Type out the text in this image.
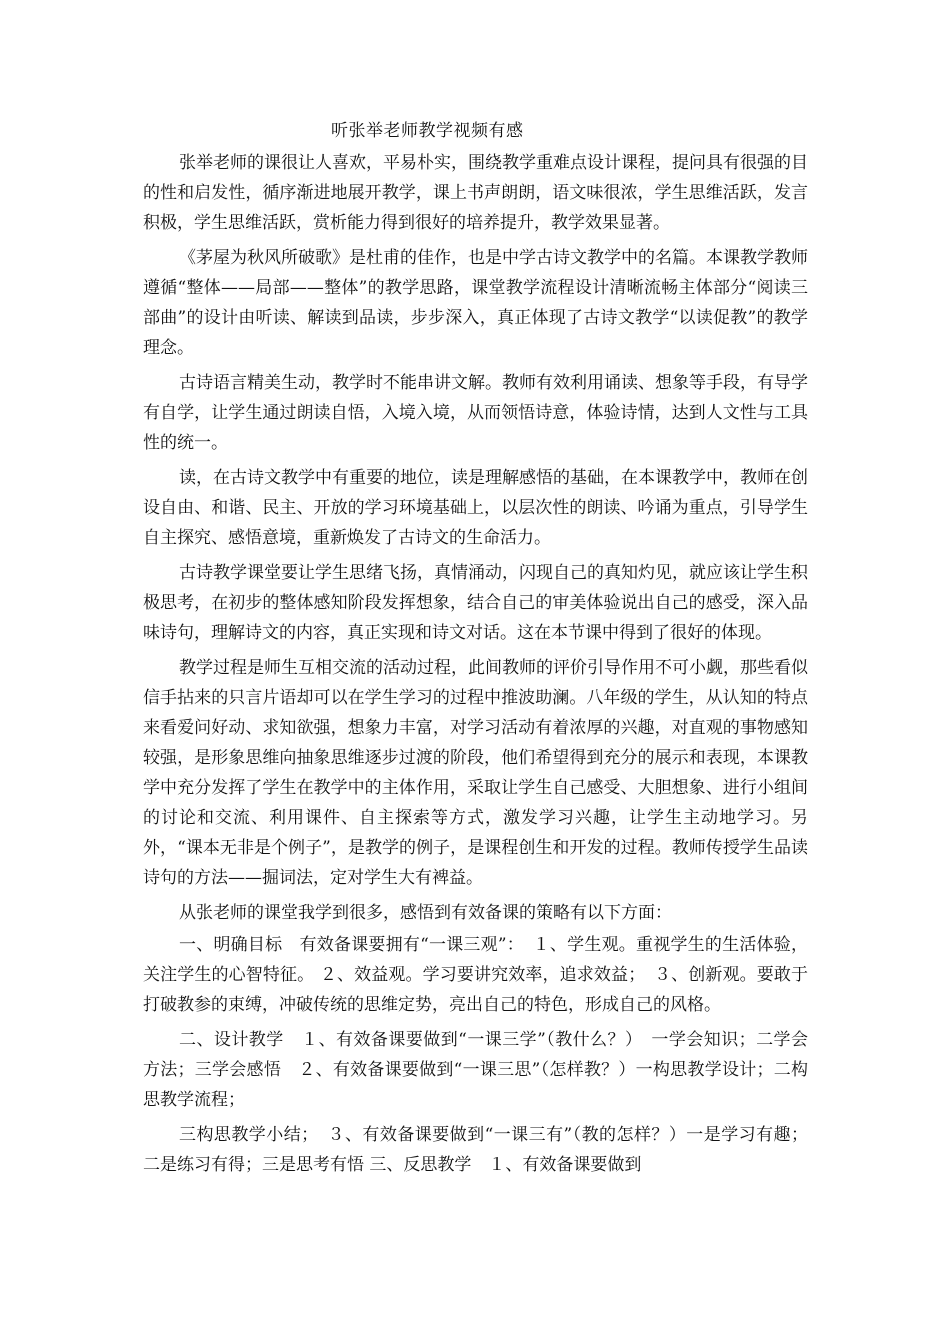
听张举老师教学视频有感

张举老师的课很让人喜欢，平易朴实，围绕教学重难点设计课程，提问具有很强的目的性和启发性，循序渐进地展开教学，课上书声朗朗，语文味很浓，学生思维活跃，发言积极，学生思维活跃，赏析能力得到很好的培养提升，教学效果显著。

《茅屋为秋风所破歌》是杜甫的佳作，也是中学古诗文教学中的名篇。本课教学教师遵循“整体——局部——整体”的教学思路，课堂教学流程设计清晰流畅主体部分“阅读三部曲”的设计由听读、解读到品读，步步深入，真正体现了古诗文教学“以读促教”的教学理念。

古诗语言精美生动，教学时不能串讲文解。教师有效利用诵读、想象等手段，有导学有自学，让学生通过朗读自悟，入境入境，从而领悟诗意，体验诗情，达到人文性与工具性的统一。

读，在古诗文教学中有重要的地位，读是理解感悟的基础，在本课教学中，教师在创设自由、和谐、民主、开放的学习环境基础上，以层次性的朗读、吟诵为重点，引导学生自主探究、感悟意境，重新焕发了古诗文的生命活力。

古诗教学课堂要让学生思绪飞扬，真情涌动，闪现自己的真知灼见，就应该让学生积极思考，在初步的整体感知阶段发挥想象，结合自己的审美体验说出自己的感受，深入品味诗句，理解诗文的内容，真正实现和诗文对话。这在本节课中得到了很好的体现。

教学过程是师生互相交流的活动过程，此间教师的评价引导作用不可小觑，那些看似信手拈来的只言片语却可以在学生学习的过程中推波助澜。八年级的学生，从认知的特点来看爱问好动、求知欲强，想象力丰富，对学习活动有着浓厚的兴趣，对直观的事物感知较强，是形象思维向抽象思维逐步过渡的阶段，他们希望得到充分的展示和表现，本课教学中充分发挥了学生在教学中的主体作用，采取让学生自己感受、大胆想象、进行小组间的讨论和交流、利用课件、自主探索等方式，激发学习兴趣，让学生主动地学习。另外，“课本无非是个例子”，是教学的例子，是课程创生和开发的过程。教师传授学生品读诗句的方法——掘词法，定对学生大有裨益。

从张老师的课堂我学到很多，感悟到有效备课的策略有以下方面：

一、明确目标　有效备课要拥有“一课三观”：　１、学生观。重视学生的生活体验，关注学生的心智特征。 ２、效益观。学习要讲究效率，追求效益；　３、创新观。要敢于打破教参的束缚，冲破传统的思维定势，亮出自己的特色，形成自己的风格。

二、设计教学　１、有效备课要做到“一课三学”（教什么？）　一学会知识；二学会方法；三学会感悟　２、有效备课要做到“一课三思”（怎样教？）一构思教学设计；二构思教学流程；

三构思教学小结；　３、有效备课要做到“一课三有”（教的怎样？）一是学习有趣；二是练习有得；三是思考有悟 三、反思教学　１、有效备课要做到
